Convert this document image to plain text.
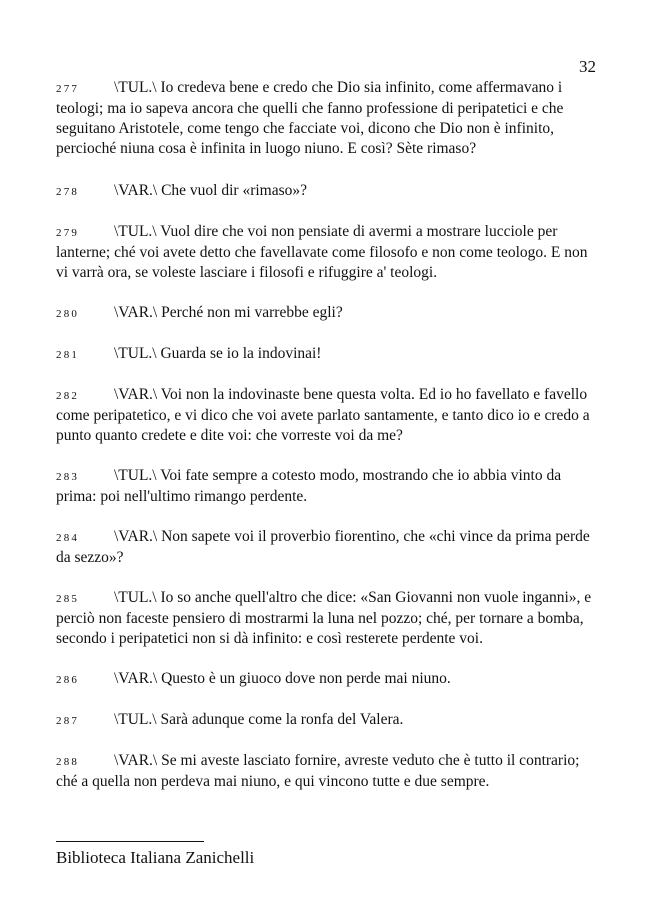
32

277 \TUL.\ Io credeva bene e credo che Dio sia infinito, come affermavano i teologi; ma io sapeva ancora che quelli che fanno professione di peripatetici e che seguitano Aristotele, come tengo che facciate voi, dicono che Dio non è infinito, percioché niuna cosa è infinita in luogo niuno. E così? Sète rimaso?

278 \VAR.\ Che vuol dir «rimaso»?

279 \TUL.\ Vuol dire che voi non pensiate di avermi a mostrare lucciole per lanterne; ché voi avete detto che favellavate come filosofo e non come teologo. E non vi varrà ora, se voleste lasciare i filosofi e rifuggire a' teologi.

280 \VAR.\ Perché non mi varrebbe egli?

281 \TUL.\ Guarda se io la indovinai!

282 \VAR.\ Voi non la indovinaste bene questa volta. Ed io ho favellato e favello come peripatetico, e vi dico che voi avete parlato santamente, e tanto dico io e credo a punto quanto credete e dite voi: che vorreste voi da me?

283 \TUL.\ Voi fate sempre a cotesto modo, mostrando che io abbia vinto da prima: poi nell'ultimo rimango perdente.

284 \VAR.\ Non sapete voi il proverbio fiorentino, che «chi vince da prima perde da sezzo»?

285 \TUL.\ Io so anche quell'altro che dice: «San Giovanni non vuole inganni», e perciò non faceste pensiero di mostrarmi la luna nel pozzo; ché, per tornare a bomba, secondo i peripatetici non si dà infinito: e così resterete perdente voi.

286 \VAR.\ Questo è un giuoco dove non perde mai niuno.

287 \TUL.\ Sarà adunque come la ronfa del Valera.

288 \VAR.\ Se mi aveste lasciato fornire, avreste veduto che è tutto il contrario; ché a quella non perdeva mai niuno, e qui vincono tutte e due sempre.

Biblioteca Italiana Zanichelli
